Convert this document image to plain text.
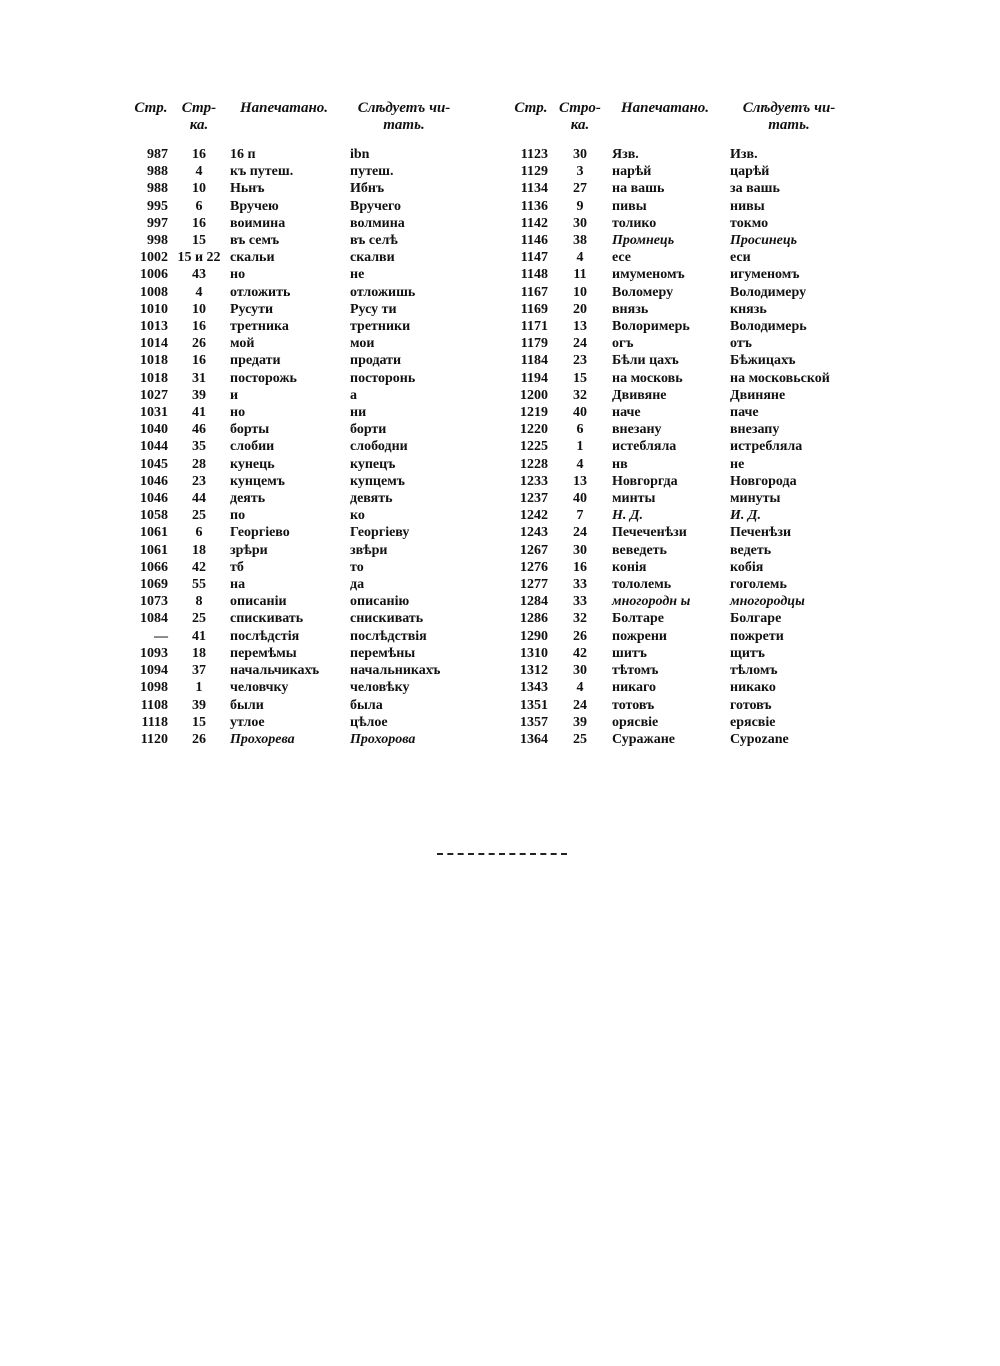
Стр.	Стр-ка.	Напечатано.	Слѣдуетъ чи-тать.
987	16	16 п	ibn
988	4	къ путеш.	путеш.
988	10	Ньнъ	Ибнъ
995	6	Вручею	Вручего
997	16	воимина	волмина
998	15	въ семъ	въ селѣ
1002	15 и 22	скальи	скалви
1006	43	но	не
1008	4	отложить	отложишь
1010	10	Русути	Русу ти
1013	16	третника	третники
1014	26	мой	мои
1018	16	предати	продати
1018	31	посторожь	посторонь
1027	39	и	а
1031	41	но	ни
1040	46	борты	борти
1044	35	слобии	слободни
1045	28	кунець	купецъ
1046	23	кунцемъ	купцемъ
1046	44	деять	девять
1058	25	по	ко
1061	6	Георгіево	Георгіеву
1061	18	зрѣри	звѣри
1066	42	тб	то
1069	55	на	да
1073	8	описаніи	описанію
1084	25	спискивать	снискивать
—	41	послѣдстія	послѣдствія
1093	18	перемѣмы	перемѣны
1094	37	начальчикахъ	начальникахъ
1098	1	человчку	человѣку
1108	39	были	была
1118	15	утлое	цѣлое
1120	26	Прохорева	Прохорова
Стр.	Стро-ка.	Напечатано.	Слѣдуетъ чи-тать.
1123	30	Язв.	Изв.
1129	3	нарѣй	царѣй
1134	27	на вашь	за вашь
1136	9	пивы	нивы
1142	30	толико	токмо
1146	38	Промнець	Просинець
1147	4	есе	еси
1148	11	имуменомъ	игуменомъ
1167	10	Воломеру	Володимеру
1169	20	внязь	князь
1171	13	Волоримерь	Володимерь
1179	24	огъ	отъ
1184	23	Бѣли цахъ	Бѣжицахъ
1194	15	на московь	на московьской
1200	32	Двивяне	Двиняне
1219	40	наче	паче
1220	6	внезану	внезапу
1225	1	истебляла	истребляла
1228	4	нв	не
1233	13	Новгоргда	Новгорода
1237	40	минты	минуты
1242	7	Н. Д.	И. Д.
1243	24	Печеченѣзи	Печенѣзи
1267	30	веведеть	ведеть
1276	16	конія	кобія
1277	33	тололемь	гоголемь
1284	33	многородн ы	многородцы
1286	32	Болтаре	Болгаре
1290	26	пожрени	пожрети
1310	42	шитъ	щитъ
1312	30	тѣтомъ	тѣломъ
1343	4	никаго	никако
1351	24	тотовъ	готовъ
1357	39	орясвіе	ерясвіе
1364	25	Суражане	Суроzane
